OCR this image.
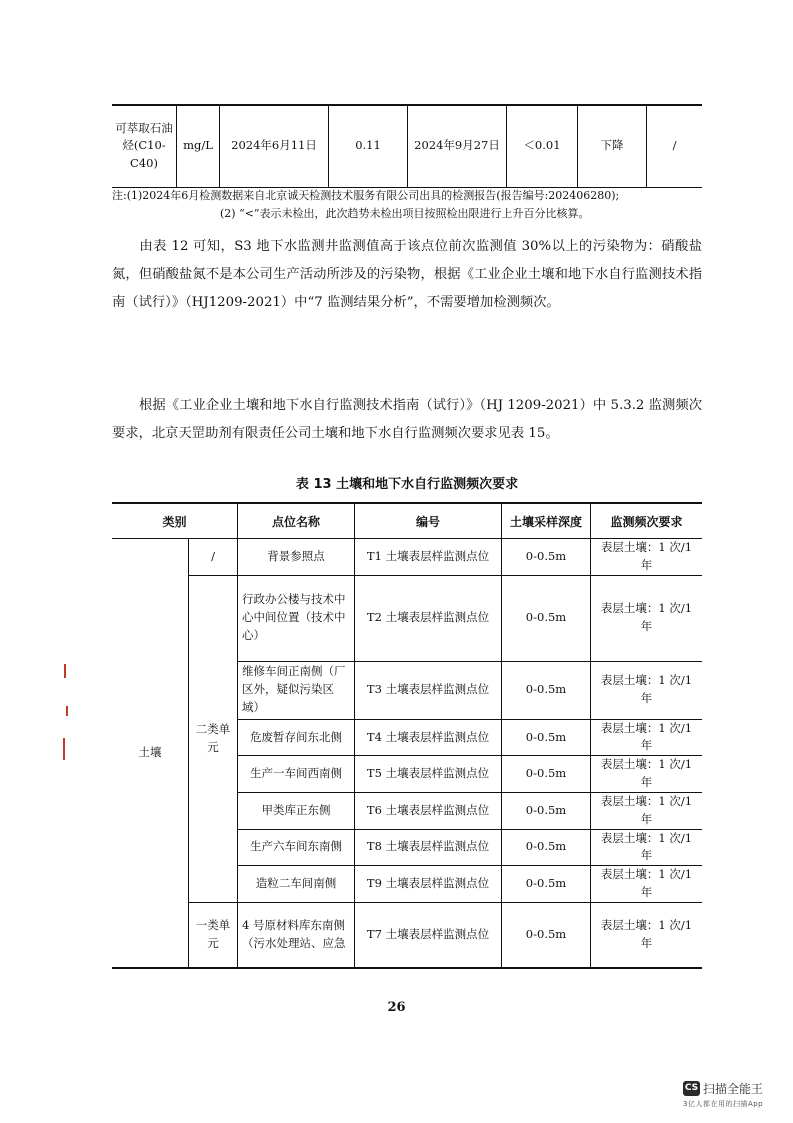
可萃取石油烃(C10-C40)	mg/L	2024年6月11日	0.11	2024年9月27日	＜0.01	下降	/
注:(1)2024年6月检测数据来自北京诚天检测技术服务有限公司出具的检测报告(报告编号:202406280);
(2) “<”表示未检出，此次趋势未检出项目按照检出限进行上升百分比核算。
由表 12 可知，S3 地下水监测井监测值高于该点位前次监测值 30%以上的污染物为：硝酸盐氮，但硝酸盐氮不是本公司生产活动所涉及的污染物，根据《工业企业土壤和地下水自行监测技术指南（试行）》（HJ1209-2021）中“7 监测结果分析”，不需要增加检测频次。
根据《工业企业土壤和地下水自行监测技术指南（试行）》（HJ 1209-2021）中 5.3.2 监测频次要求，北京天罡助剂有限责任公司土壤和地下水自行监测频次要求见表 15。
表 13 土壤和地下水自行监测频次要求
类别		点位名称	编号	土壤采样深度	监测频次要求
土壤	/	背景参照点	T1 土壤表层样监测点位	0-0.5m	表层土壤：1 次/1 年
	二类单元	行政办公楼与技术中心中间位置（技术中心）	T2 土壤表层样监测点位	0-0.5m	表层土壤：1 次/1 年
		维修车间正南侧（厂区外，疑似污染区域）	T3 土壤表层样监测点位	0-0.5m	表层土壤：1 次/1 年
		危废暂存间东北侧	T4 土壤表层样监测点位	0-0.5m	表层土壤：1 次/1 年
		生产一车间西南侧	T5 土壤表层样监测点位	0-0.5m	表层土壤：1 次/1 年
		甲类库正东侧	T6 土壤表层样监测点位	0-0.5m	表层土壤：1 次/1 年
		生产六车间东南侧	T8 土壤表层样监测点位	0-0.5m	表层土壤：1 次/1 年
		造粒二车间南侧	T9 土壤表层样监测点位	0-0.5m	表层土壤：1 次/1 年
	一类单元	4 号原材料库东南侧（污水处理站、应急	T7 土壤表层样监测点位	0-0.5m	表层土壤：1 次/1 年
26
CS 扫描全能王
3亿人都在用的扫描App
